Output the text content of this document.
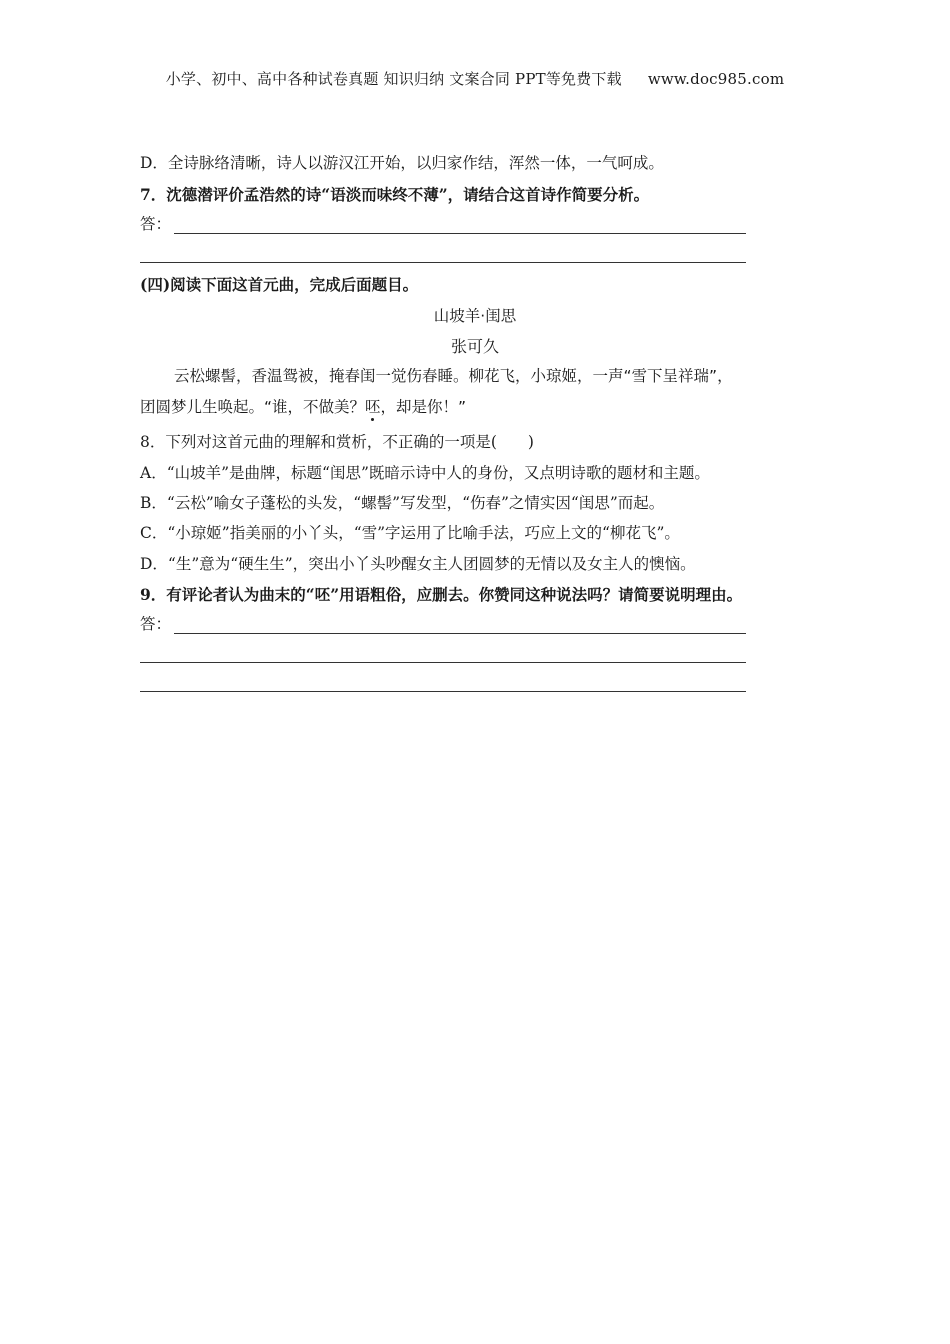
小学、初中、高中各种试卷真题 知识归纳 文案合同 PPT等免费下载 www.doc985.com
D．全诗脉络清晰，诗人以游汉江开始，以归家作结，浑然一体，一气呵成。
7．沈德潜评价孟浩然的诗“语淡而味终不薄”，请结合这首诗作简要分析。
答：
(四)阅读下面这首元曲，完成后面题目。
山坡羊·闺思
张可久
云松螺髻，香温鸳被，掩春闺一觉伤春睡。柳花飞，小琼姬，一声“雪下呈祥瑞”，
团圆梦儿生唤起。“谁，不做美？呸，却是你！”
8．下列对这首元曲的理解和赏析，不正确的一项是(　　)
A．“山坡羊”是曲牌，标题“闺思”既暗示诗中人的身份，又点明诗歌的题材和主题。
B．“云松”喻女子蓬松的头发，“螺髻”写发型，“伤春”之情实因“闺思”而起。
C．“小琼姬”指美丽的小丫头，“雪”字运用了比喻手法，巧应上文的“柳花飞”。
D．“生”意为“硬生生”，突出小丫头吵醒女主人团圆梦的无情以及女主人的懊恼。
9．有评论者认为曲末的“呸”用语粗俗，应删去。你赞同这种说法吗？请简要说明理由。
答：
